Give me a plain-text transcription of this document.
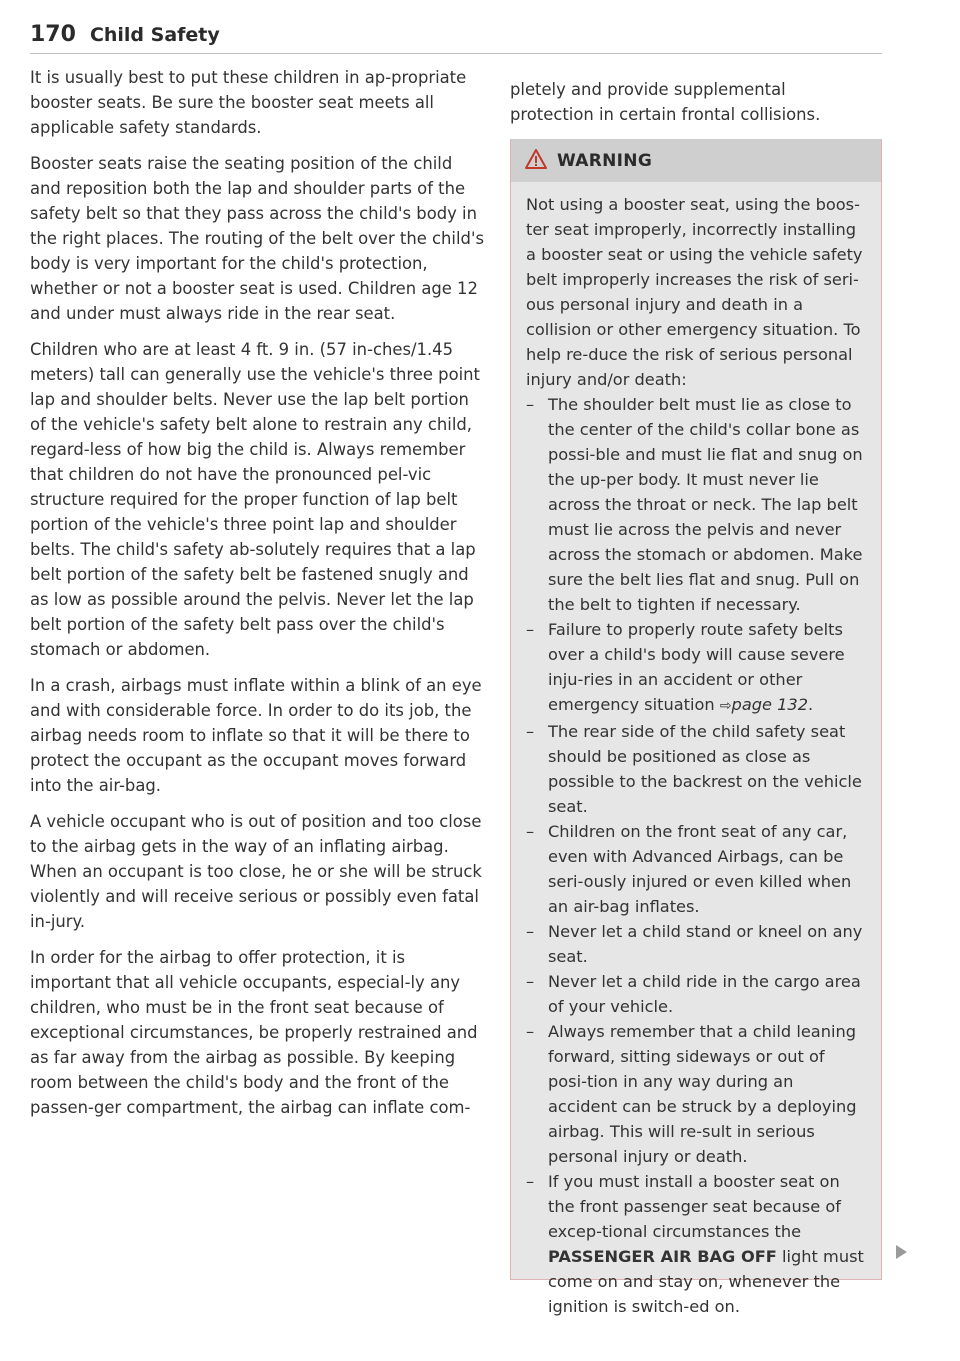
170 Child Safety

It is usually best to put these children in ap-propriate booster seats. Be sure the booster seat meets all applicable safety standards.

Booster seats raise the seating position of the child and reposition both the lap and shoulder parts of the safety belt so that they pass across the child's body in the right places. The routing of the belt over the child's body is very important for the child's protection, whether or not a booster seat is used. Children age 12 and under must always ride in the rear seat.

Children who are at least 4 ft. 9 in. (57 in-ches/1.45 meters) tall can generally use the vehicle's three point lap and shoulder belts. Never use the lap belt portion of the vehicle's safety belt alone to restrain any child, regard-less of how big the child is. Always remember that children do not have the pronounced pel-vic structure required for the proper function of lap belt portion of the vehicle's three point lap and shoulder belts. The child's safety ab-solutely requires that a lap belt portion of the safety belt be fastened snugly and as low as possible around the pelvis. Never let the lap belt portion of the safety belt pass over the child's stomach or abdomen.

In a crash, airbags must inflate within a blink of an eye and with considerable force. In order to do its job, the airbag needs room to inflate so that it will be there to protect the occupant as the occupant moves forward into the air-bag.

A vehicle occupant who is out of position and too close to the airbag gets in the way of an inflating airbag. When an occupant is too close, he or she will be struck violently and will receive serious or possibly even fatal in-jury.

In order for the airbag to offer protection, it is important that all vehicle occupants, especial-ly any children, who must be in the front seat because of exceptional circumstances, be properly restrained and as far away from the airbag as possible. By keeping room between the child's body and the front of the passen-ger compartment, the airbag can inflate com-

pletely and provide supplemental protection in certain frontal collisions.

WARNING

Not using a booster seat, using the boos-ter seat improperly, incorrectly installing a booster seat or using the vehicle safety belt improperly increases the risk of seri-ous personal injury and death in a collision or other emergency situation. To help re-duce the risk of serious personal injury and/or death:

– The shoulder belt must lie as close to the center of the child's collar bone as possi-ble and must lie flat and snug on the up-per body. It must never lie across the throat or neck. The lap belt must lie across the pelvis and never across the stomach or abdomen. Make sure the belt lies flat and snug. Pull on the belt to tighten if necessary.
– Failure to properly route safety belts over a child's body will cause severe inju-ries in an accident or other emergency situation ⇨page 132.
– The rear side of the child safety seat should be positioned as close as possible to the backrest on the vehicle seat.
– Children on the front seat of any car, even with Advanced Airbags, can be seri-ously injured or even killed when an air-bag inflates.
– Never let a child stand or kneel on any seat.
– Never let a child ride in the cargo area of your vehicle.
– Always remember that a child leaning forward, sitting sideways or out of posi-tion in any way during an accident can be struck by a deploying airbag. This will re-sult in serious personal injury or death.
– If you must install a booster seat on the front passenger seat because of excep-tional circumstances the PASSENGER AIR BAG OFF light must come on and stay on, whenever the ignition is switch-ed on.
